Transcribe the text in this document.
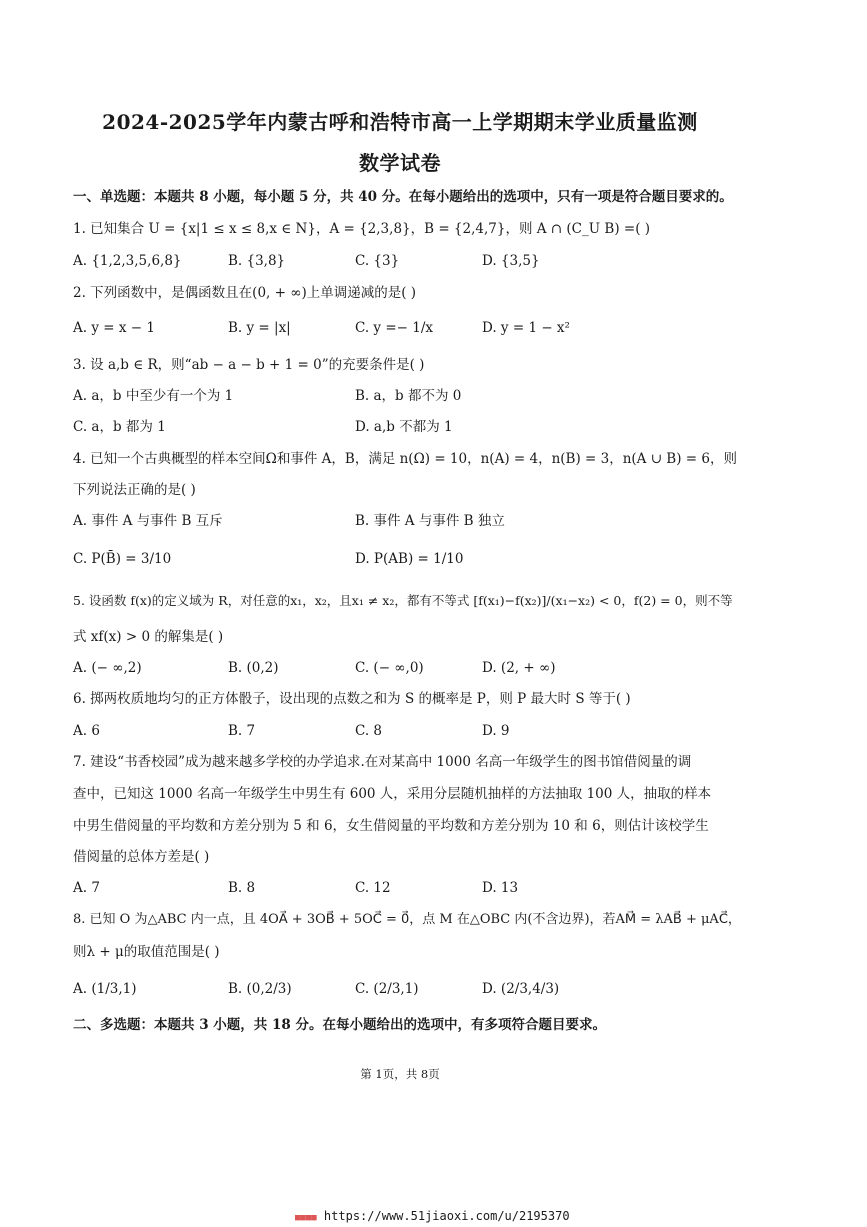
2024-2025学年内蒙古呼和浩特市高一上学期期末学业质量监测
数学试卷
一、单选题：本题共 8 小题，每小题 5 分，共 40 分。在每小题给出的选项中，只有一项是符合题目要求的。
1. 已知集合 U = {x|1 ≤ x ≤ 8,x ∈ N}，A = {2,3,8}，B = {2,4,7}，则 A ∩ (C_U B) =( )
A. {1,2,3,5,6,8}	B. {3,8}	C. {3}	D. {3,5}
2. 下列函数中，是偶函数且在(0, + ∞)上单调递减的是( )
A. y = x − 1	B. y = |x|	C. y =− 1/x	D. y = 1 − x²
3. 设 a,b ∈ R，则“ab − a − b + 1 = 0”的充要条件是( )
A. a，b 中至少有一个为 1	B. a，b 都不为 0
C. a，b 都为 1	D. a,b 不都为 1
4. 已知一个古典概型的样本空间Ω和事件 A，B，满足 n(Ω) = 10，n(A) = 4，n(B) = 3，n(A ∪ B) = 6，则
下列说法正确的是( )
A. 事件 A 与事件 B 互斥	B. 事件 A 与事件 B 独立
C. P(B̄) = 3/10	D. P(AB) = 1/10
5. 设函数 f(x)的定义域为 R，对任意的x₁，x₂，且x₁ ≠ x₂，都有不等式 [f(x₁)−f(x₂)]/(x₁−x₂) < 0，f(2) = 0，则不等
式 xf(x) > 0 的解集是( )
A. (− ∞,2)	B. (0,2)	C. (− ∞,0)	D. (2, + ∞)
6. 掷两枚质地均匀的正方体骰子，设出现的点数之和为 S 的概率是 P，则 P 最大时 S 等于( )
A. 6	B. 7	C. 8	D. 9
7. 建设“书香校园”成为越来越多学校的办学追求.在对某高中 1000 名高一年级学生的图书馆借阅量的调
查中，已知这 1000 名高一年级学生中男生有 600 人，采用分层随机抽样的方法抽取 100 人，抽取的样本
中男生借阅量的平均数和方差分别为 5 和 6，女生借阅量的平均数和方差分别为 10 和 6，则估计该校学生
借阅量的总体方差是( )
A. 7	B. 8	C. 12	D. 13
8. 已知 O 为△ABC 内一点，且 4OA⃗ + 3OB⃗ + 5OC⃗ = 0⃗，点 M 在△OBC 内(不含边界)，若AM⃗ = λAB⃗ + μAC⃗，
则λ + μ的取值范围是( )
A. (1/3,1)	B. (0,2/3)	C. (2/3,1)	D. (2/3,4/3)
二、多选题：本题共 3 小题，共 18 分。在每小题给出的选项中，有多项符合题目要求。
第 1页，共 8页
■■■■ https://www.51jiaoxi.com/u/2195370
